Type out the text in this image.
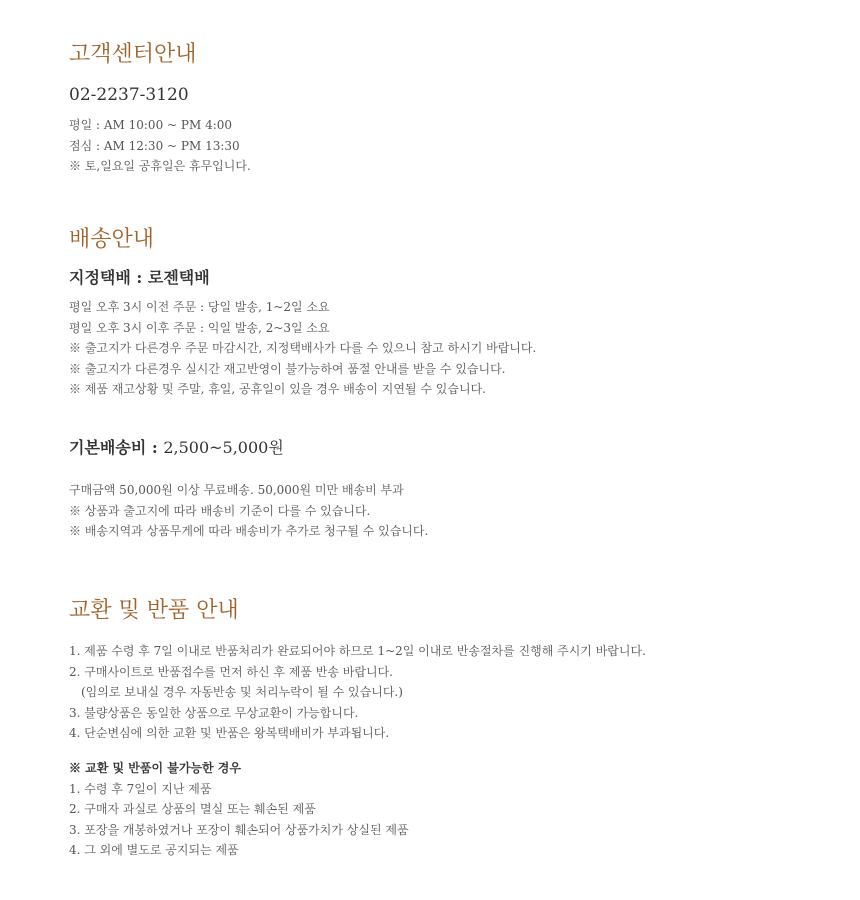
고객센터안내

02-2237-3120

평일 : AM 10:00 ~ PM 4:00
점심 : AM 12:30 ~ PM 13:30
※ 토,일요일 공휴일은 휴무입니다.
배송안내

지정택배 : 로젠택배

평일 오후 3시 이전 주문 : 당일 발송, 1~2일 소요
평일 오후 3시 이후 주문 : 익일 발송, 2~3일 소요
※ 출고지가 다른경우 주문 마감시간, 지정택배사가 다를 수 있으니 참고 하시기 바랍니다.
※ 출고지가 다른경우 실시간 재고반영이 불가능하여 품절 안내를 받을 수 있습니다.
※ 제품 재고상황 및 주말, 휴일, 공휴일이 있을 경우 배송이 지연될 수 있습니다.

기본배송비 : 2,500~5,000원

구매금액 50,000원 이상 무료배송. 50,000원 미만 배송비 부과
※ 상품과 출고지에 따라 배송비 기준이 다를 수 있습니다.
※ 배송지역과 상품무게에 따라 배송비가 추가로 청구될 수 있습니다.
교환 및 반품 안내
1. 제품 수령 후 7일 이내로 반품처리가 완료되어야 하므로 1~2일 이내로 반송절차를 진행해 주시기 바랍니다.
2. 구매사이트로 반품접수를 먼저 하신 후 제품 반송 바랍니다.
(임의로 보내실 경우 자동반송 및 처리누락이 될 수 있습니다.)
3. 불량상품은 동일한 상품으로 무상교환이 가능합니다.
4. 단순변심에 의한 교환 및 반품은 왕복택배비가 부과됩니다.
※ 교환 및 반품이 불가능한 경우
1. 수령 후 7일이 지난 제품
2. 구매자 과실로 상품의 멸실 또는 훼손된 제품
3. 포장을 개봉하였거나 포장이 훼손되어 상품가치가 상실된 제품
4. 그 외에 별도로 공지되는 제품
